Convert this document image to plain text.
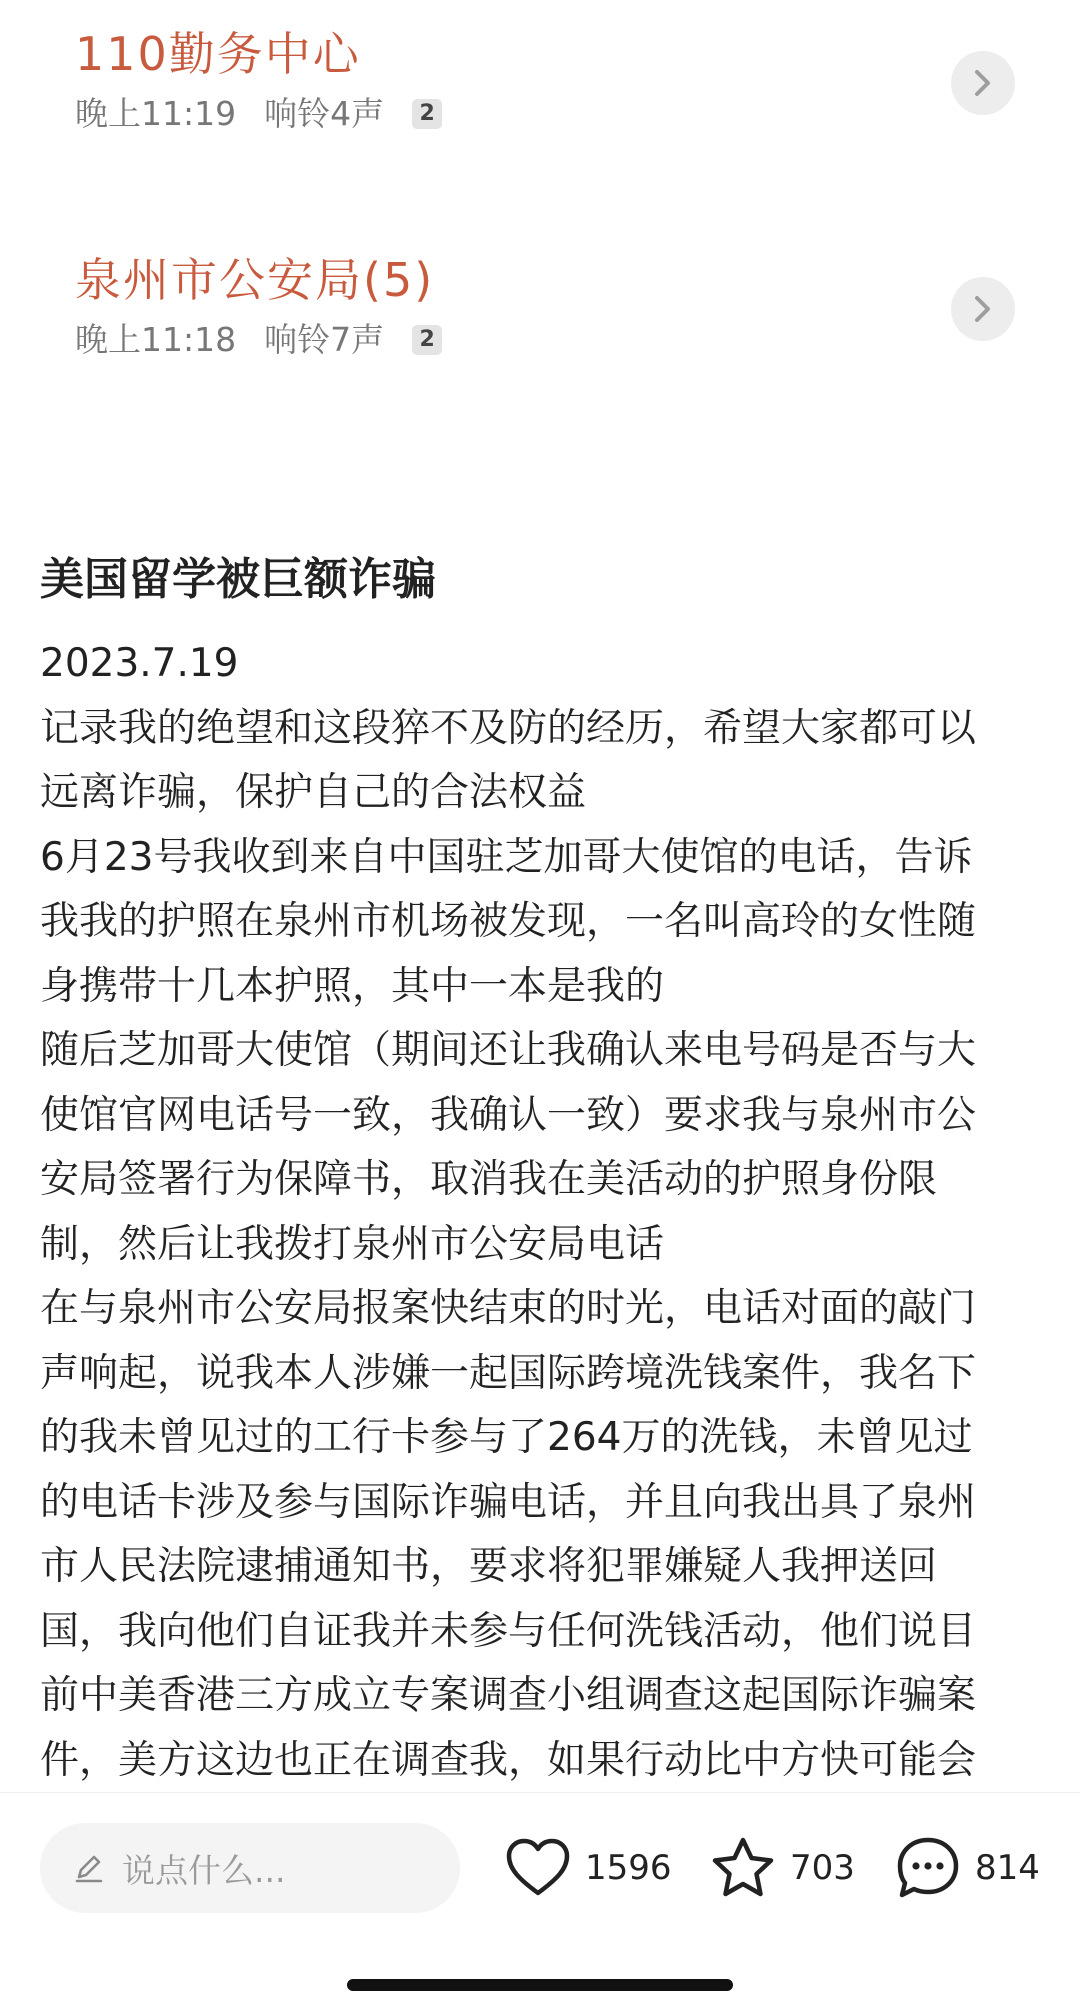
110勤务中心
晚上11:19 响铃4声	2
泉州市公安局(5)
晚上11:18 响铃7声	2
美国留学被巨额诈骗
2023.7.19
记录我的绝望和这段猝不及防的经历，希望大家都可以
远离诈骗，保护自己的合法权益
6月23号我收到来自中国驻芝加哥大使馆的电话，告诉
我我的护照在泉州市机场被发现，一名叫高玲的女性随
身携带十几本护照，其中一本是我的
随后芝加哥大使馆（期间还让我确认来电号码是否与大
使馆官网电话号一致，我确认一致）要求我与泉州市公
安局签署行为保障书，取消我在美活动的护照身份限
制，然后让我拨打泉州市公安局电话
在与泉州市公安局报案快结束的时光，电话对面的敲门
声响起，说我本人涉嫌一起国际跨境洗钱案件，我名下
的我未曾见过的工行卡参与了264万的洗钱，未曾见过
的电话卡涉及参与国际诈骗电话，并且向我出具了泉州
市人民法院逮捕通知书，要求将犯罪嫌疑人我押送回
国，我向他们自证我并未参与任何洗钱活动，他们说目
前中美香港三方成立专案调查小组调查这起国际诈骗案
件，美方这边也正在调查我，如果行动比中方快可能会
说点什么...	1596	703	814
